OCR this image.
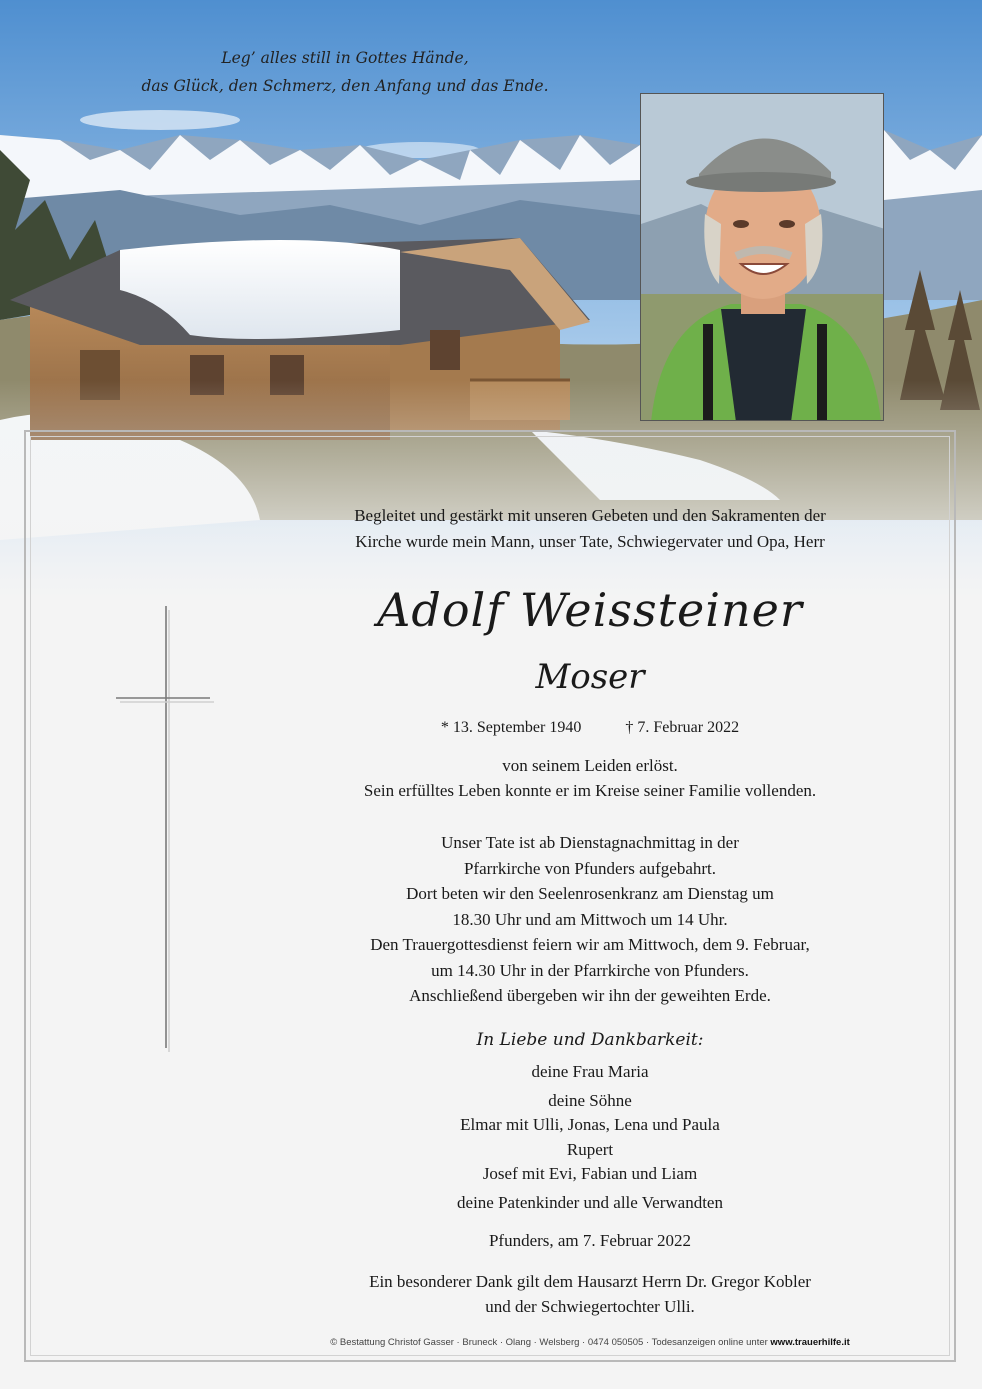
Leg’ alles still in Gottes Hände,
das Glück, den Schmerz, den Anfang und das Ende.
Begleitet und gestärkt mit unseren Gebeten und den Sakramenten der
Kirche wurde mein Mann, unser Tate, Schwiegervater und Opa, Herr
Adolf Weissteiner
Moser
* 13. September 1940	† 7. Februar 2022
von seinem Leiden erlöst.
Sein erfülltes Leben konnte er im Kreise seiner Familie vollenden.
Unser Tate ist ab Dienstagnachmittag in der
Pfarrkirche von Pfunders aufgebahrt.
Dort beten wir den Seelenrosenkranz am Dienstag um
18.30 Uhr und am Mittwoch um 14 Uhr.
Den Trauergottesdienst feiern wir am Mittwoch, dem 9. Februar,
um 14.30 Uhr in der Pfarrkirche von Pfunders.
Anschließend übergeben wir ihn der geweihten Erde.
In Liebe und Dankbarkeit:
deine Frau Maria
deine Söhne
Elmar mit Ulli, Jonas, Lena und Paula
Rupert
Josef mit Evi, Fabian und Liam
deine Patenkinder und alle Verwandten
Pfunders, am 7. Februar 2022
Ein besonderer Dank gilt dem Hausarzt Herrn Dr. Gregor Kobler
und der Schwiegertochter Ulli.
© Bestattung Christof Gasser · Bruneck · Olang · Welsberg · 0474 050505 · Todesanzeigen online unter www.trauerhilfe.it
